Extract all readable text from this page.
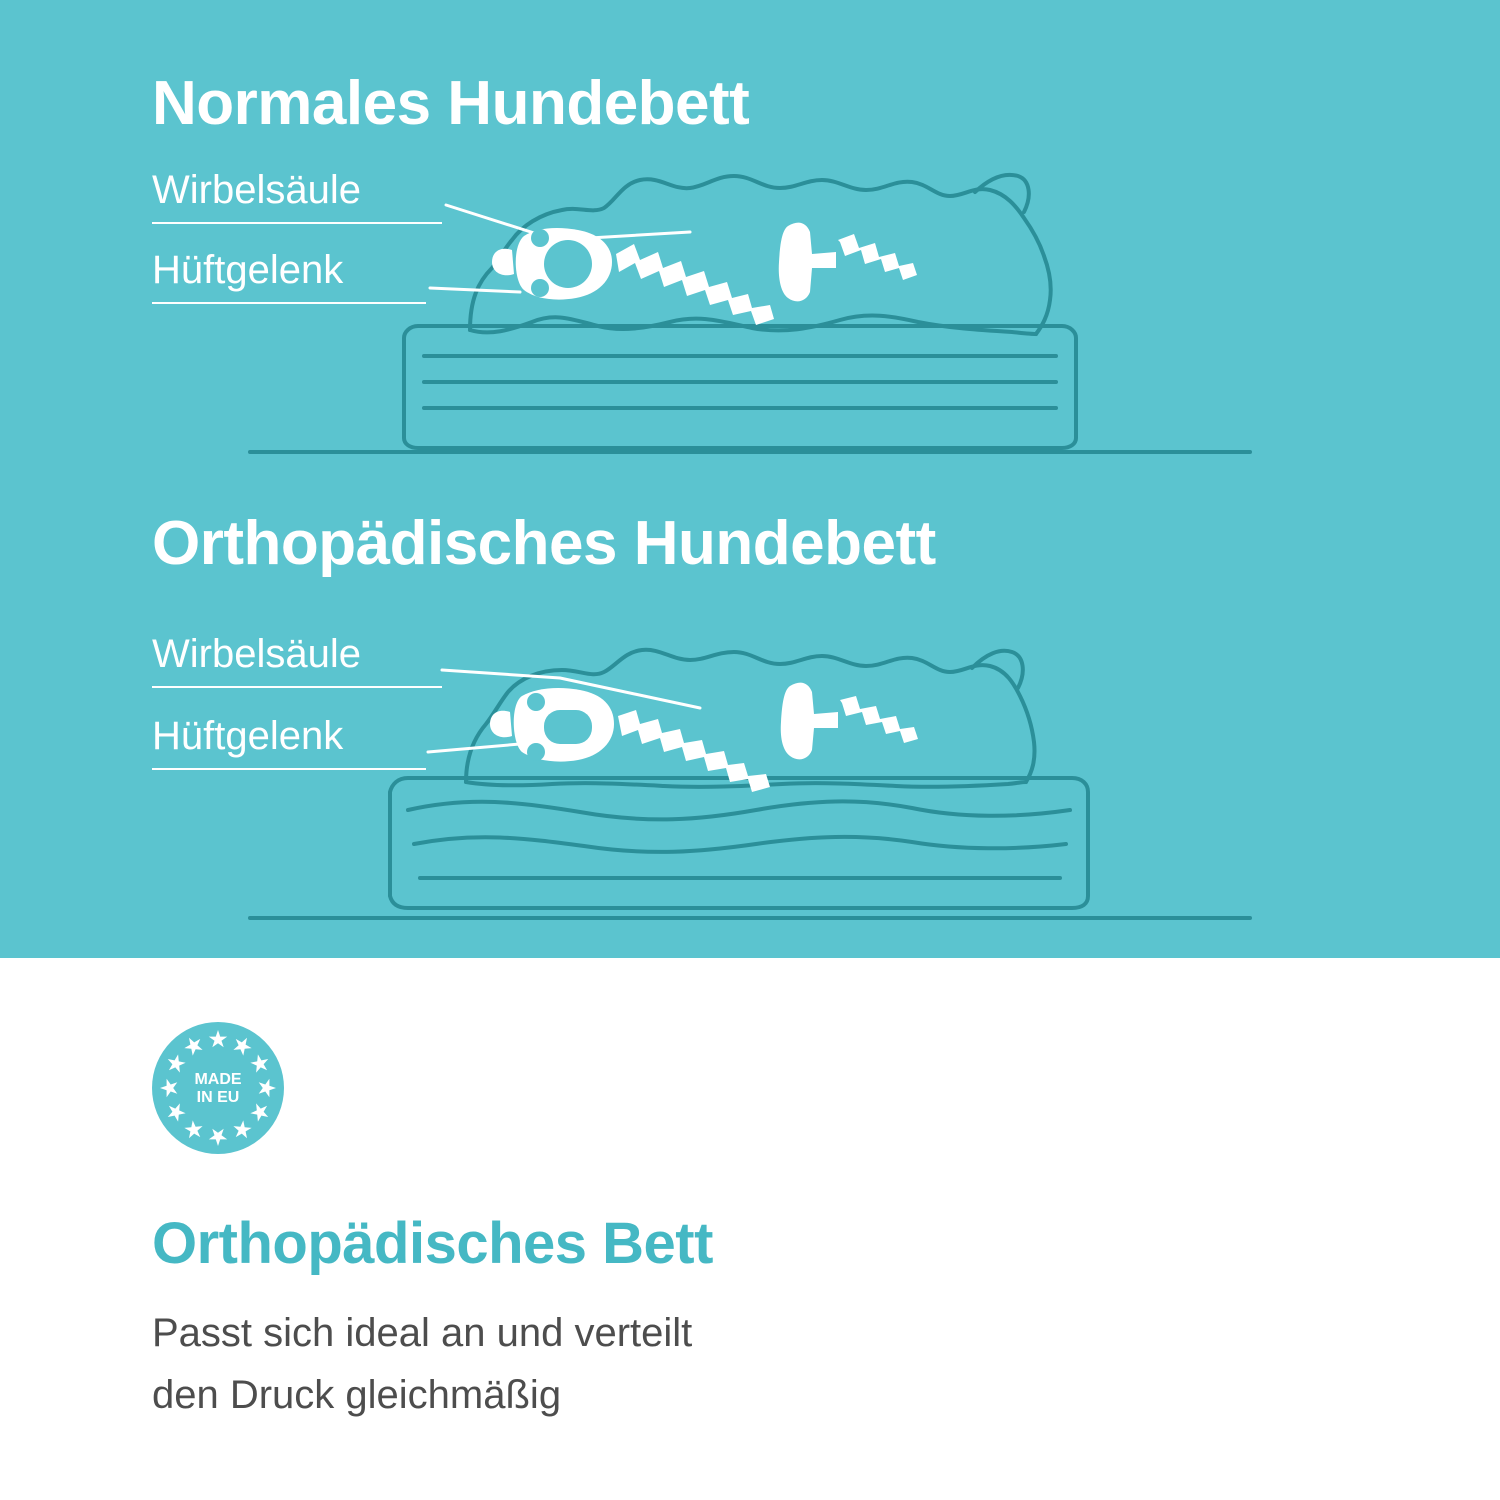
Normales Hundebett
Wirbelsäule
Hüftgelenk
Orthopädisches Hundebett
Wirbelsäule
Hüftgelenk
MADE
IN EU
Orthopädisches Bett
Passt sich ideal an und verteilt
den Druck gleichmäßig
